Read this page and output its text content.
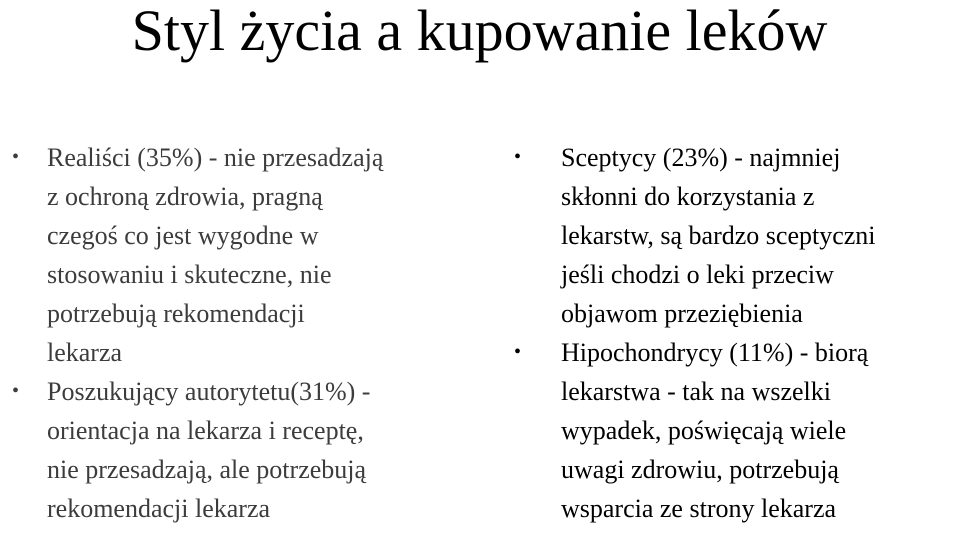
Styl życia a kupowanie leków
• Realiści (35%) - nie przesadzają
z ochroną zdrowia, pragną
czegoś co jest wygodne w
stosowaniu i skuteczne, nie
potrzebują rekomendacji
lekarza
• Poszukujący autorytetu(31%) -
orientacja na lekarza i receptę,
nie przesadzają, ale potrzebują
rekomendacji lekarza
• Sceptycy (23%) - najmniej
skłonni do korzystania z
lekarstw, są bardzo sceptyczni
jeśli chodzi o leki przeciw
objawom przeziębienia
• Hipochondrycy (11%) - biorą
lekarstwa - tak na wszelki
wypadek, poświęcają wiele
uwagi zdrowiu, potrzebują
wsparcia ze strony lekarza
